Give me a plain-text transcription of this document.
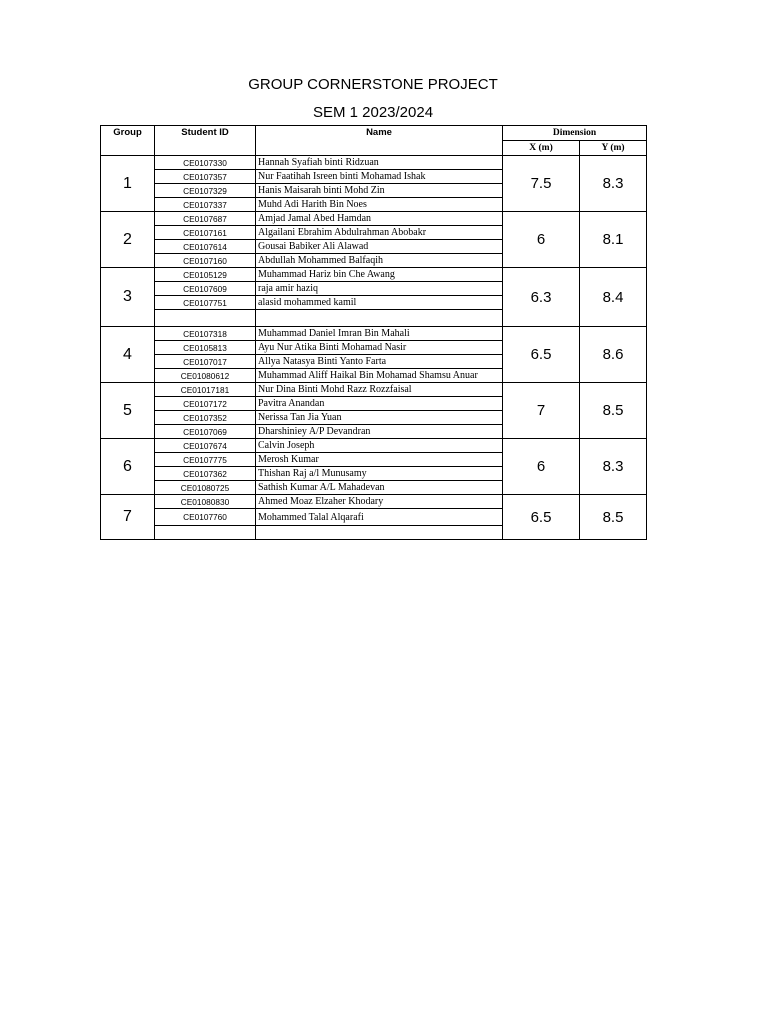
GROUP CORNERSTONE PROJECT
SEM 1 2023/2024
Group	Student ID	Name	Dimension	
			X (m)	Y (m)
1	CE0107330	Hannah Syafiah binti Ridzuan	7.5	8.3
	CE0107357	Nur Faatihah Isreen binti Mohamad Ishak		
	CE0107329	Hanis Maisarah binti Mohd Zin		
	CE0107337	Muhd Adi Harith Bin Noes		
2	CE0107687	Amjad Jamal Abed Hamdan	6	8.1
	CE0107161	Algailani Ebrahim Abdulrahman Abobakr		
	CE0107614	Gousai Babiker Ali Alawad		
	CE0107160	Abdullah Mohammed Balfaqih		
3	CE0105129	Muhammad Hariz bin Che Awang	6.3	8.4
	CE0107609	raja amir haziq		
	CE0107751	alasid mohammed kamil		

4	CE0107318	Muhammad Daniel Imran Bin Mahali	6.5	8.6
	CE0105813	Ayu Nur Atika Binti Mohamad Nasir		
	CE0107017	Allya Natasya Binti Yanto Farta		
	CE01080612	Muhammad Aliff Haikal Bin Mohamad Shamsu Anuar		
5	CE01017181	Nur Dina Binti Mohd Razz Rozzfaisal	7	8.5
	CE0107172	Pavitra Anandan		
	CE0107352	Nerissa Tan Jia Yuan		
	CE0107069	Dharshiniey A/P Devandran		
6	CE0107674	Calvin Joseph	6	8.3
	CE0107775	Merosh Kumar		
	CE0107362	Thishan Raj a/l Munusamy		
	CE01080725	Sathish Kumar A/L Mahadevan		
7	CE01080830	Ahmed Moaz Elzaher Khodary	6.5	8.5
	CE0107760	Mohammed Talal Alqarafi		
